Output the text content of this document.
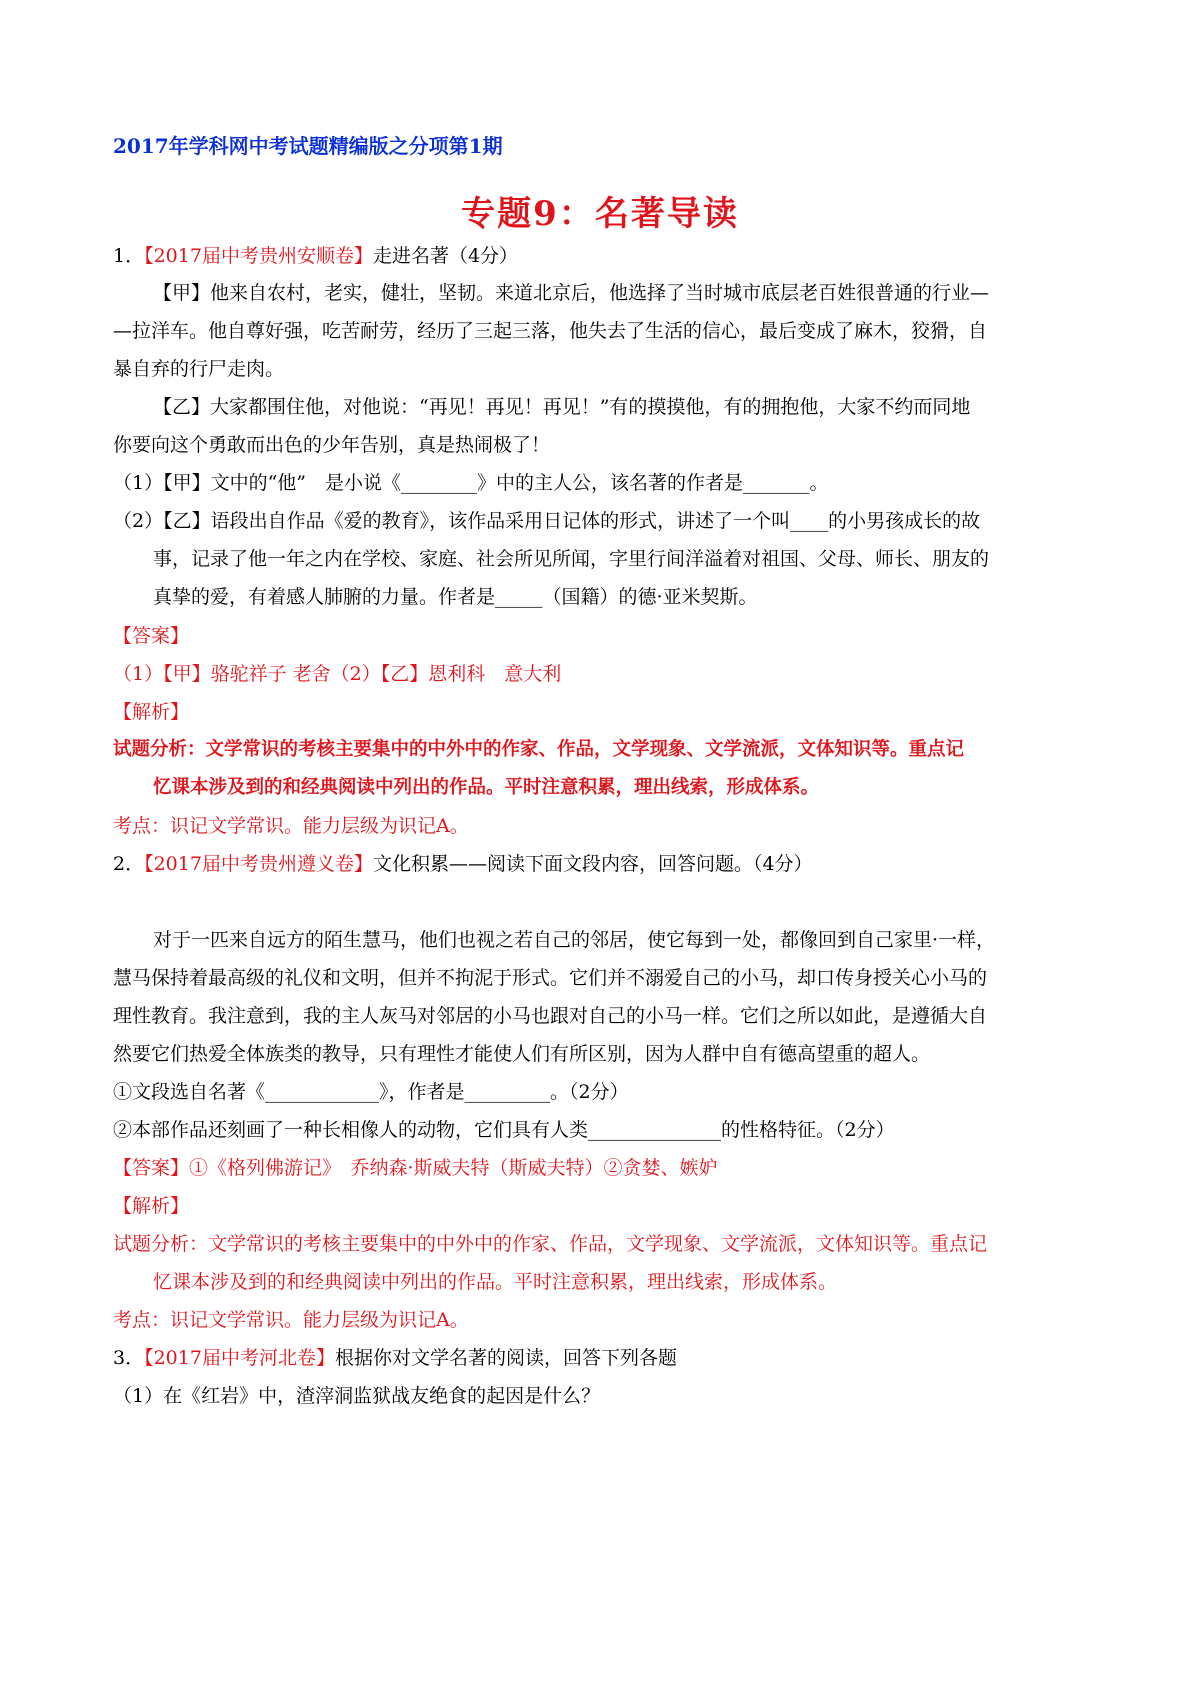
2017年学科网中考试题精编版之分项第1期
专题9：名著导读
1．【2017届中考贵州安顺卷】走进名著（4分）
【甲】他来自农村，老实，健壮，坚韧。来道北京后，他选择了当时城市底层老百姓很普通的行业—
—拉洋车。他自尊好强，吃苦耐劳，经历了三起三落，他失去了生活的信心，最后变成了麻木，狡猾，自
暴自弃的行尸走肉。
【乙】大家都围住他，对他说：“再见！再见！再见！”有的摸摸他，有的拥抱他，大家不约而同地
你要向这个勇敢而出色的少年告别，真是热闹极了！
（1）【甲】文中的“他”　是小说《________》中的主人公，该名著的作者是_______。
（2）【乙】语段出自作品《爱的教育》，该作品采用日记体的形式，讲述了一个叫____的小男孩成长的故
事，记录了他一年之内在学校、家庭、社会所见所闻，字里行间洋溢着对祖国、父母、师长、朋友的
真挚的爱，有着感人肺腑的力量。作者是_____（国籍）的德·亚米契斯。
【答案】
（1）【甲】骆驼祥子 老舍（2）【乙】恩利科　意大利
【解析】
试题分析：文学常识的考核主要集中的中外中的作家、作品，文学现象、文学流派，文体知识等。重点记
忆课本涉及到的和经典阅读中列出的作品。平时注意积累，理出线索，形成体系。
考点：识记文学常识。能力层级为识记A。
2．【2017届中考贵州遵义卷】文化积累——阅读下面文段内容，回答问题。（4分）
对于一匹来自远方的陌生慧马，他们也视之若自己的邻居，使它每到一处，都像回到自己家里·一样，
慧马保持着最高级的礼仪和文明，但并不拘泥于形式。它们并不溺爱自己的小马，却口传身授关心小马的
理性教育。我注意到，我的主人灰马对邻居的小马也跟对自己的小马一样。它们之所以如此，是遵循大自
然要它们热爱全体族类的教导，只有理性才能使人们有所区别，因为人群中自有德高望重的超人。
①文段选自名著《____________》，作者是_________。（2分）
②本部作品还刻画了一种长相像人的动物，它们具有人类______________的性格特征。（2分）
【答案】①《格列佛游记》　乔纳森·斯威夫特（斯威夫特）②贪婪、嫉妒
【解析】
试题分析：文学常识的考核主要集中的中外中的作家、作品，文学现象、文学流派，文体知识等。重点记
忆课本涉及到的和经典阅读中列出的作品。平时注意积累，理出线索，形成体系。
考点：识记文学常识。能力层级为识记A。
3．【2017届中考河北卷】根据你对文学名著的阅读，回答下列各题
（1）在《红岩》中，渣滓洞监狱战友绝食的起因是什么？
